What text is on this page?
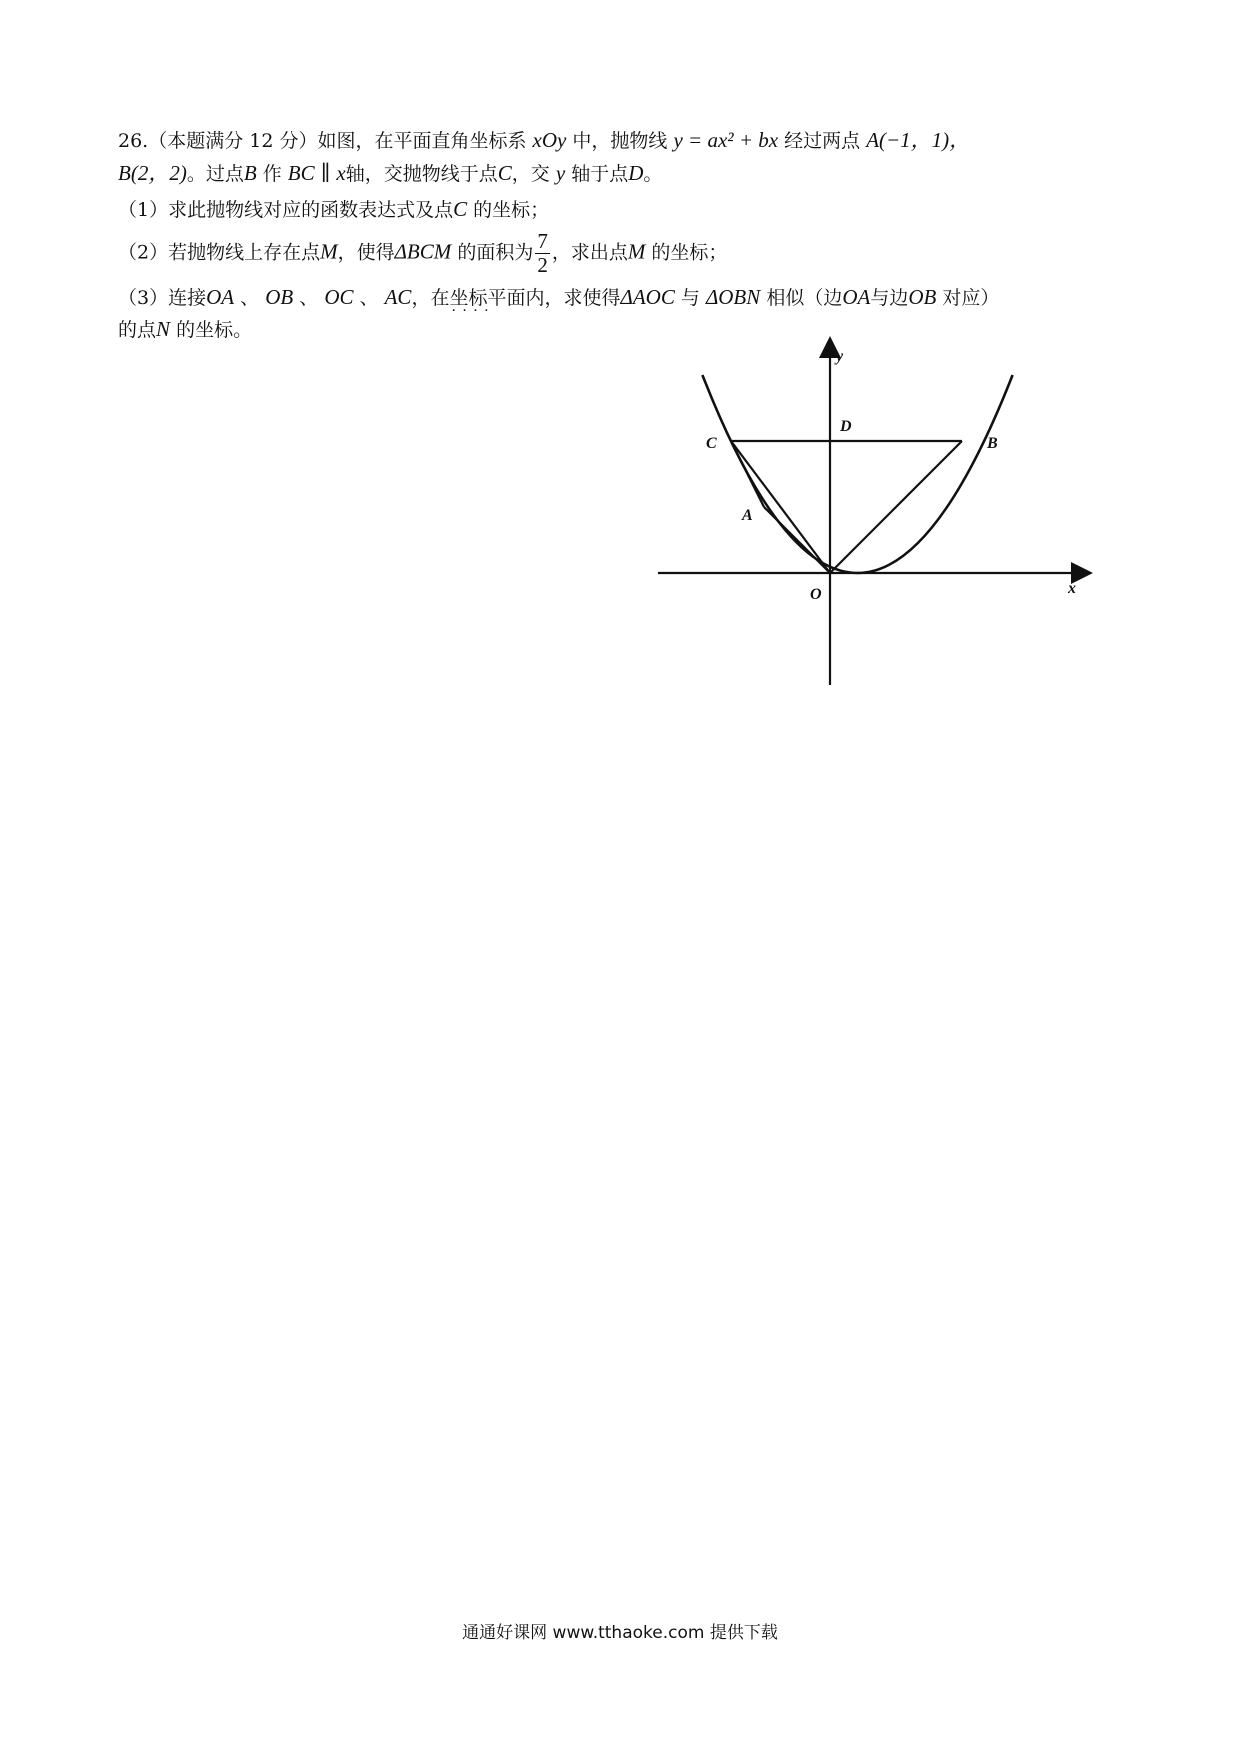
26.（本题满分 12 分）如图，在平面直角坐标系 xOy 中，抛物线 y = ax² + bx 经过两点 A(−1，1)，

B(2，2)。过点B 作 BC ∥ x轴，交抛物线于点C，交 y 轴于点D。

（1）求此抛物线对应的函数表达式及点C 的坐标；

（2）若抛物线上存在点M，使得ΔBCM 的面积为 $\frac{7}{2}$ ，求出点M 的坐标；

（3）连接OA 、 OB 、 OC 、 AC，在坐标平面 · · · ·内，求使得ΔAOC 与 ΔOBN 相似（边OA与边OB 对应）

的点N 的坐标。

y
x
O
A
B
C
D
通通好课网 www.tthaoke.com 提供下载
